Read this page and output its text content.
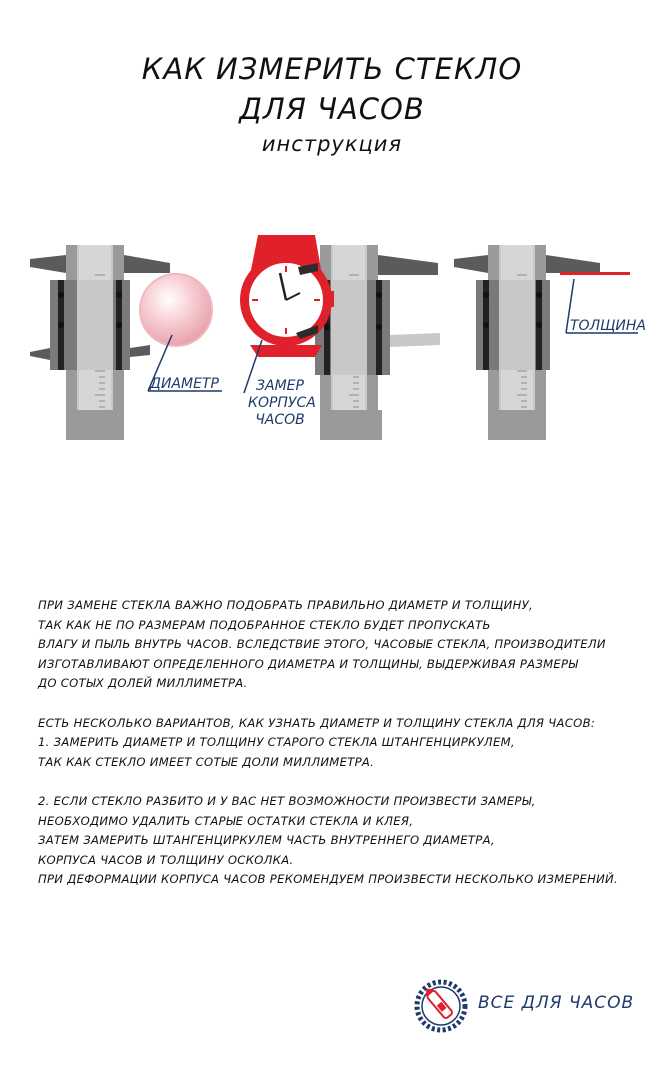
КАК ИЗМЕРИТЬ СТЕКЛО
ДЛЯ ЧАСОВ
инструкция
ДИАМЕТР	ЗАМЕР
КОРПУСА
ЧАСОВ
ТОЛЩИНА

ПРИ ЗАМЕНЕ СТЕКЛА ВАЖНО ПОДОБРАТЬ ПРАВИЛЬНО ДИАМЕТР И ТОЛЩИНУ,

ТАК КАК НЕ ПО РАЗМЕРАМ ПОДОБРАННОЕ СТЕКЛО БУДЕТ ПРОПУСКАТЬ

ВЛАГУ И ПЫЛЬ ВНУТРЬ ЧАСОВ. ВСЛЕДСТВИЕ ЭТОГО, ЧАСОВЫЕ СТЕКЛА, ПРОИЗВОДИТЕЛИ

ИЗГОТАВЛИВАЮТ ОПРЕДЕЛЕННОГО ДИАМЕТРА И ТОЛЩИНЫ, ВЫДЕРЖИВАЯ РАЗМЕРЫ

ДО СОТЫХ ДОЛЕЙ МИЛЛИМЕТРА.

ЕСТЬ НЕСКОЛЬКО ВАРИАНТОВ, КАК УЗНАТЬ ДИАМЕТР И ТОЛЩИНУ СТЕКЛА ДЛЯ ЧАСОВ:

1. ЗАМЕРИТЬ ДИАМЕТР И ТОЛЩИНУ СТАРОГО СТЕКЛА ШТАНГЕНЦИРКУЛЕМ,

ТАК КАК СТЕКЛО ИМЕЕТ СОТЫЕ ДОЛИ МИЛЛИМЕТРА.

2. ЕСЛИ СТЕКЛО РАЗБИТО И У ВАС НЕТ ВОЗМОЖНОСТИ ПРОИЗВЕСТИ ЗАМЕРЫ,

НЕОБХОДИМО УДАЛИТЬ СТАРЫЕ ОСТАТКИ СТЕКЛА И КЛЕЯ,

ЗАТЕМ ЗАМЕРИТЬ ШТАНГЕНЦИРКУЛЕМ ЧАСТЬ ВНУТРЕННЕГО ДИАМЕТРА,

КОРПУСА ЧАСОВ И ТОЛЩИНУ ОСКОЛКА.

ПРИ ДЕФОРМАЦИИ КОРПУСА ЧАСОВ РЕКОМЕНДУЕМ ПРОИЗВЕСТИ НЕСКОЛЬКО ИЗМЕРЕНИЙ.

ВСЕ ДЛЯ ЧАСОВ
